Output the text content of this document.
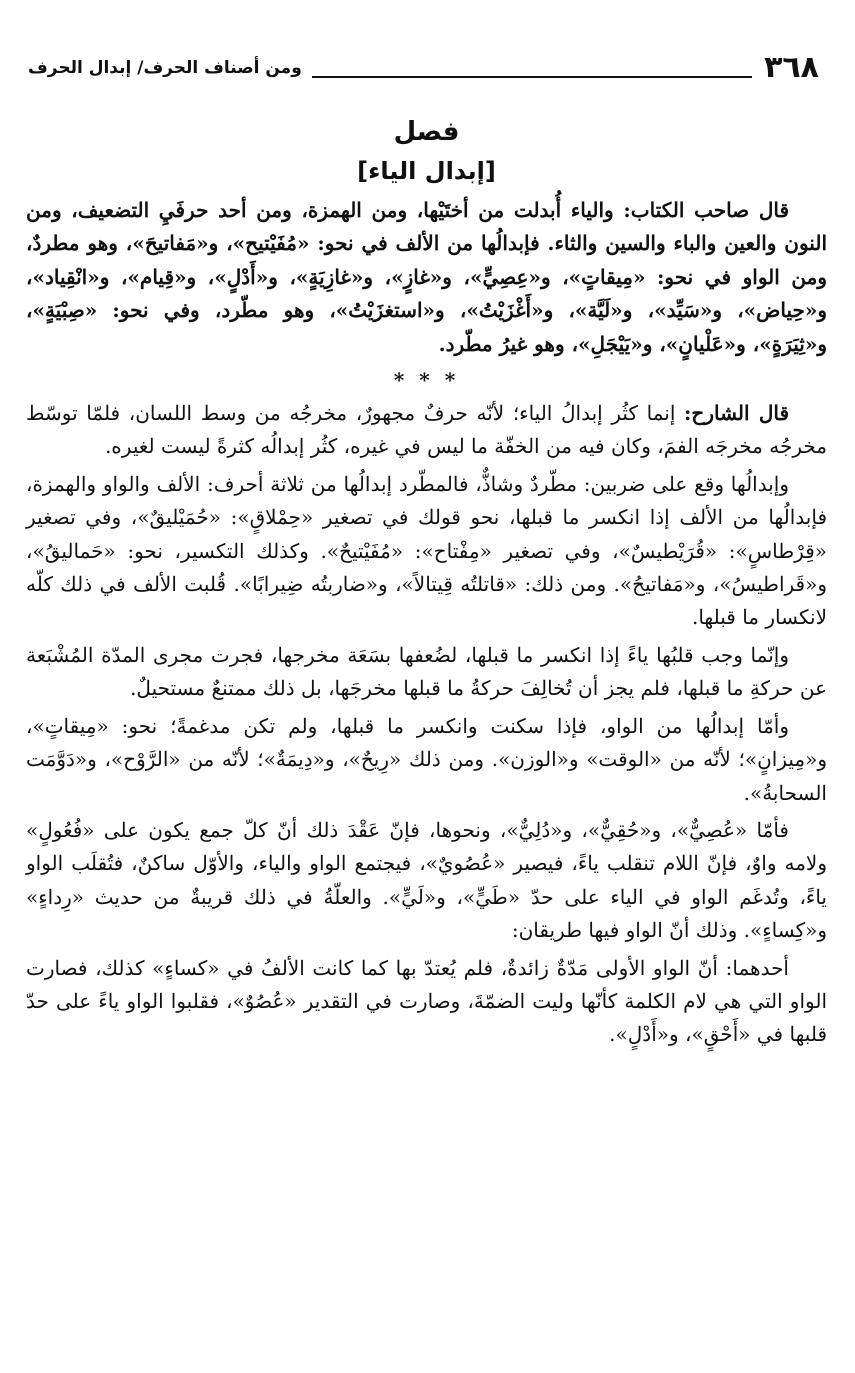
٣٦٨
ومن أصناف الحرف/ إبدال الحرف
فصل
[إبدال الياء]

قال صاحب الكتاب: والياء أُبدلت من أختَيْها، ومن الهمزة، ومن أحد حرفَيِ التضعيف، ومن النون والعين والباء والسين والثاء. فإبدالُها من الألف في نحو: «مُفَيْتيح»، و«مَفاتيحَ»، وهو مطردٌ، ومن الواو في نحو: «مِيقاتٍ»، و«عِصِيٍّ»، و«غازٍ»، و«غازِيَةٍ»، و«أَدْلٍ»، و«قِيام»، و«انْقِياد»، و«حِياض»، و«سَيِّد»، و«لَيَّة»، و«أَغْزَيْتُ»، و«استغزَيْتُ»، وهو مطّرد، وفي نحو: «صِبْيَةٍ»، و«ثِيَرَةٍ»، و«عَلْيانٍ»، و«يَيْجَلِ»، وهو غيرُ مطّرد.

* * *

قال الشارح: إنما كثُر إبدالُ الياء؛ لأنّه حرفٌ مجهورٌ، مخرجُه من وسط اللسان، فلمّا توسّط مخرجُه مخرجَه الفمَ، وكان فيه من الخفّة ما ليس في غيره، كثُر إبدالُه كثرةً ليست لغيره.

وإبدالُها وقع على ضربين: مطّردٌ وشاذٌّ، فالمطّرد إبدالُها من ثلاثة أحرف: الألف والواو والهمزة، فإبدالُها من الألف إذا انكسر ما قبلها، نحو قولك في تصغير «حِمْلاقٍ»: «حُمَيْليقٌ»، وفي تصغير «قِرْطاسٍ»: «قُرَيْطيسٌ»، وفي تصغير «مِفْتاح»: «مُفَيْتيحٌ». وكذلك التكسير، نحو: «حَماليقُ»، و«قَراطيسُ»، و«مَفاتيحُ». ومن ذلك: «قاتلتُه قِيتالاً»، و«ضاربتُه ضِيرابًا». قُلبت الألف في ذلك كلّه لانكسار ما قبلها.

وإنّما وجب قلبُها ياءً إذا انكسر ما قبلها، لضُعفها بسَعَة مخرجها، فجرت مجرى المدّة المُشْبَعة عن حركةِ ما قبلها، فلم يجز أن تُخالِفَ حركةُ ما قبلها مخرجَها، بل ذلك ممتنعٌ مستحيلٌ.

وأمّا إبدالُها من الواو، فإذا سكنت وانكسر ما قبلها، ولم تكن مدغمةً؛ نحو: «مِيقاتٍ»، و«مِيزانٍ»؛ لأنّه من «الوقت» و«الوزن». ومن ذلك «رِيحٌ»، و«دِيمَةٌ»؛ لأنّه من «الرَّوْح»، و«دَوَّمَت السحابةُ».

فأمّا «عُصِيٌّ»، و«حُقِيٌّ»، و«دُلِيٌّ»، ونحوها، فإنّ عَقْدَ ذلك أنّ كلّ جمع يكون على «فُعُولٍ» ولامه واوٌ، فإنّ اللام تنقلب ياءً، فيصير «عُصُويٌ»، فيجتمع الواو والياء، والأوّل ساكنٌ، فتُقلَب الواو ياءً، وتُدغَم الواو في الياء على حدّ «طَيٍّ»، و«لَيٍّ». والعلّةُ في ذلك قريبةٌ من حديث «رِداءٍ» و«كِساءٍ». وذلك أنّ الواو فيها طريقان:

أحدهما: أنّ الواو الأولى مَدّةٌ زائدةٌ، فلم يُعتدّ بها كما كانت الألفُ في «كساءٍ» كذلك، فصارت الواو التي هي لام الكلمة كأنّها وليت الضمّةَ، وصارت في التقدير «عُصُوٌ»، فقلبوا الواو ياءً على حدّ قلبها في «أَحْقٍ»، و«أَدْلٍ».
